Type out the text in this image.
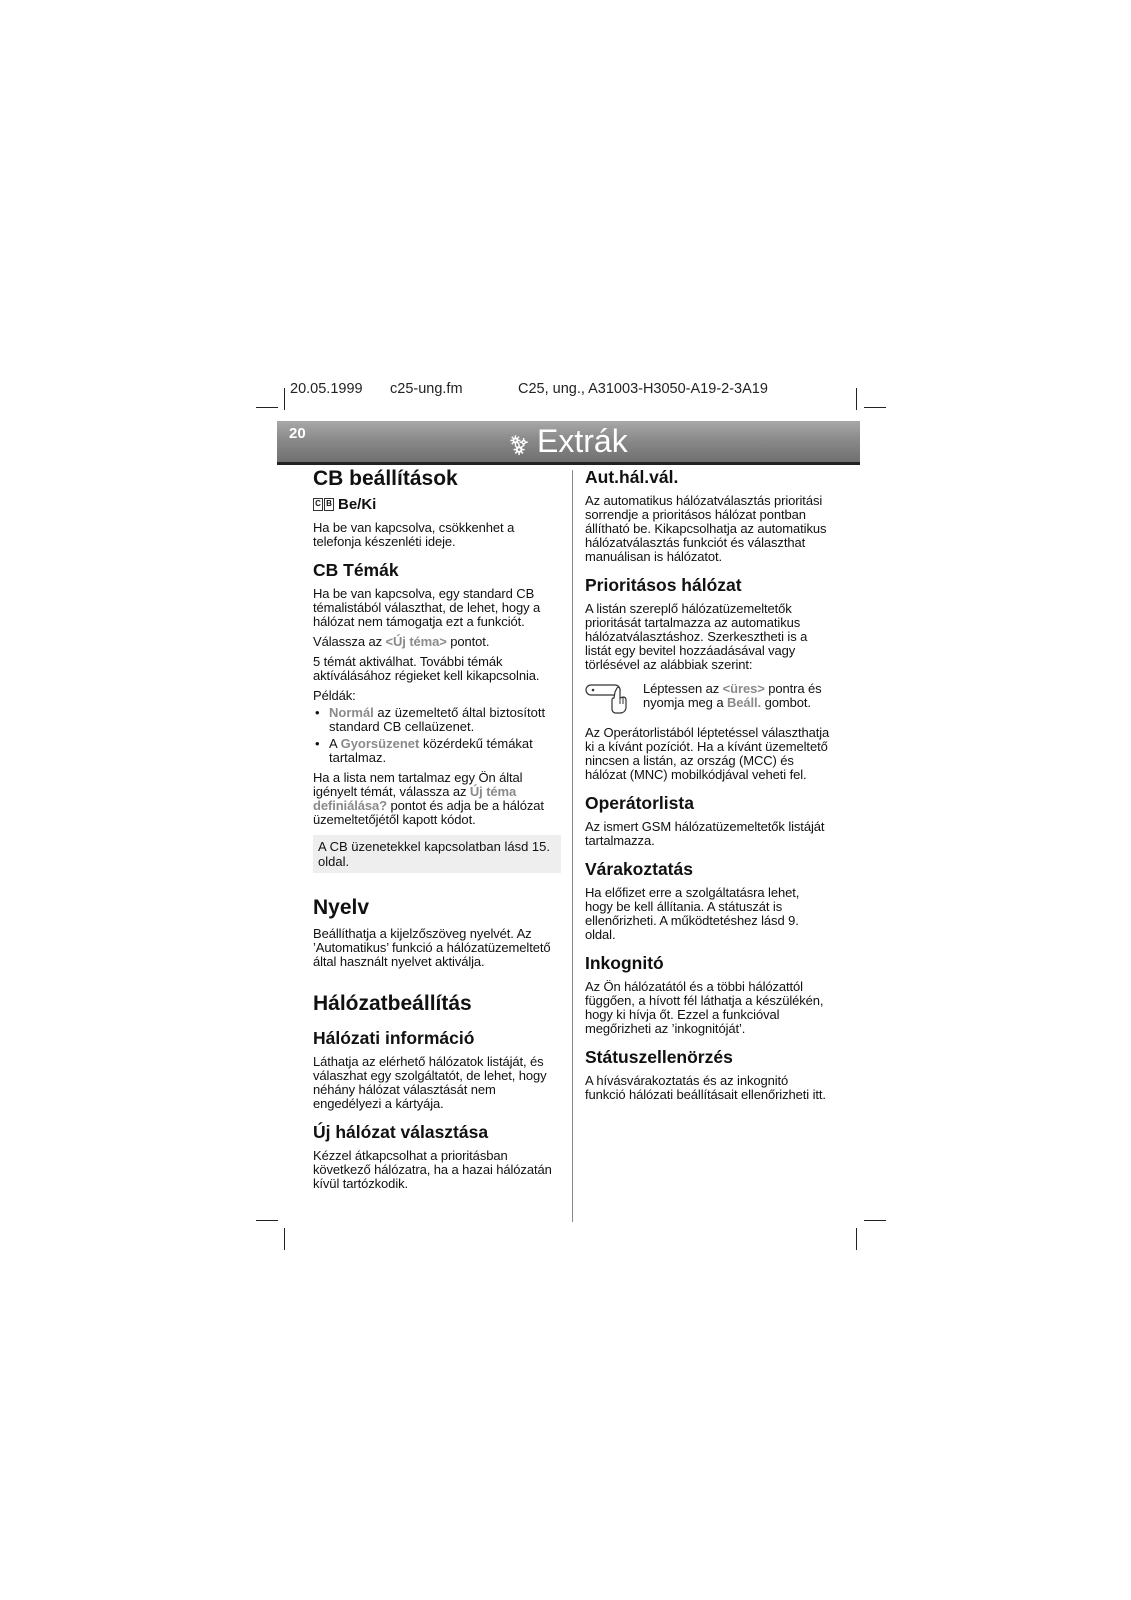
20.05.1999 c25-ung.fm	C25, ung., A31003-H3050-A19-2-3A19
20	Extrák
CB beállítások
C B Be/Ki

Ha be van kapcsolva, csökkenhet a telefonja készenléti ideje.

CB Témák

Ha be van kapcsolva, egy standard CB témalistából választhat, de lehet, hogy a hálózat nem támogatja ezt a funkciót.

Válassza az <Új téma> pontot.

5 témát aktiválhat. További témák aktíválásához régieket kell kikapcsolnia.

Példák:

• Normál az üzemeltető által biztosított standard CB cellaüzenet.
• A Gyorsüzenet közérdekű témákat tartalmaz.

Ha a lista nem tartalmaz egy Ön által igényelt témát, válassza az Új téma definiálása? pontot és adja be a hálózat üzemeltetőjétől kapott kódot.

A CB üzenetekkel kapcsolatban lásd 15. oldal.
Nyelv

Beállíthatja a kijelzőszöveg nyelvét. Az ’Automatikus’ funkció a hálózatüzemeltető által használt nyelvet aktiválja.

Hálózatbeállítás
Hálózati információ

Láthatja az elérhető hálózatok listáját, és válaszhat egy szolgáltatót, de lehet, hogy néhány hálózat választását nem engedélyezi a kártyája.

Új hálózat választása

Kézzel átkapcsolhat a prioritásban következő hálózatra, ha a hazai hálózatán kívül tartózkodik.

Aut.hál.vál.

Az automatikus hálózatválasztás prioritási sorrendje a prioritásos hálózat pontban állítható be. Kikapcsolhatja az automatikus hálózatválasztás funkciót és választhat manuálisan is hálózatot.

Prioritásos hálózat

A listán szereplő hálózatüzemeltetők prioritását tartalmazza az automatikus hálózatválasztáshoz. Szerkesztheti is a listát egy bevitel hozzáadásával vagy törlésével az alábbiak szerint:

Léptessen az <üres> pontra és nyomja meg a Beáll. gombot.

Az Operátorlistából léptetéssel választhatja ki a kívánt pozíciót. Ha a kívánt üzemeltető nincsen a listán, az ország (MCC) és hálózat (MNC) mobilkódjával veheti fel.

Operátorlista

Az ismert GSM hálózatüzemeltetők listáját tartalmazza.

Várakoztatás

Ha előfizet erre a szolgáltatásra lehet, hogy be kell állítania. A státuszát is ellenőrizheti. A működtetéshez lásd 9. oldal.

Inkognitó

Az Ön hálózatától és a többi hálózattól függően, a hívott fél láthatja a készülékén, hogy ki hívja őt. Ezzel a funkcióval megőrizheti az ’inkognitóját’.

Státuszellenörzés

A hívásvárakoztatás és az inkognitó funkció hálózati beállításait ellenőrizheti itt.
